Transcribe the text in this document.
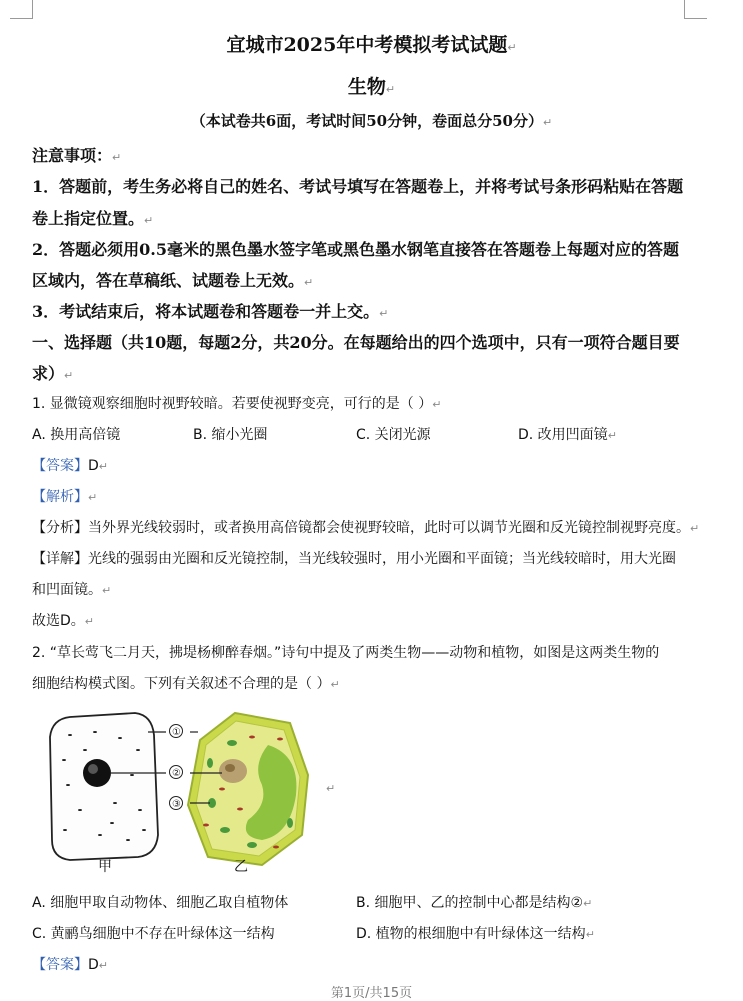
宜城市2025年中考模拟考试试题↵
生物↵
（本试卷共6面，考试时间50分钟，卷面总分50分）↵
注意事项：↵
1．答题前，考生务必将自己的姓名、考试号填写在答题卷上，并将考试号条形码粘贴在答题
卷上指定位置。↵
2．答题必须用0.5毫米的黑色墨水签字笔或黑色墨水钢笔直接答在答题卷上每题对应的答题
区域内，答在草稿纸、试题卷上无效。↵
3．考试结束后，将本试题卷和答题卷一并上交。↵
一、选择题（共10题，每题2分，共20分。在每题给出的四个选项中，只有一项符合题目要
求）↵
1. 显微镜观察细胞时视野较暗。若要使视野变亮，可行的是（ ）↵
A. 换用高倍镜	B. 缩小光圈	C. 关闭光源	D. 改用凹面镜↵
【答案】D↵
【解析】↵
【分析】当外界光线较弱时，或者换用高倍镜都会使视野较暗，此时可以调节光圈和反光镜控制视野亮度。↵
【详解】光线的强弱由光圈和反光镜控制，当光线较强时，用小光圈和平面镜；当光线较暗时，用大光圈
和凹面镜。↵
故选D。↵
2. “草长莺飞二月天，拂堤杨柳醉春烟。”诗句中提及了两类生物——动物和植物，如图是这两类生物的
细胞结构模式图。下列有关叙述不合理的是（ ）↵
①
②
③
甲	乙
↵
A. 细胞甲取自动物体、细胞乙取自植物体	B. 细胞甲、乙的控制中心都是结构②↵
C. 黄鹂鸟细胞中不存在叶绿体这一结构	D. 植物的根细胞中有叶绿体这一结构↵
【答案】D↵
第1页/共15页
